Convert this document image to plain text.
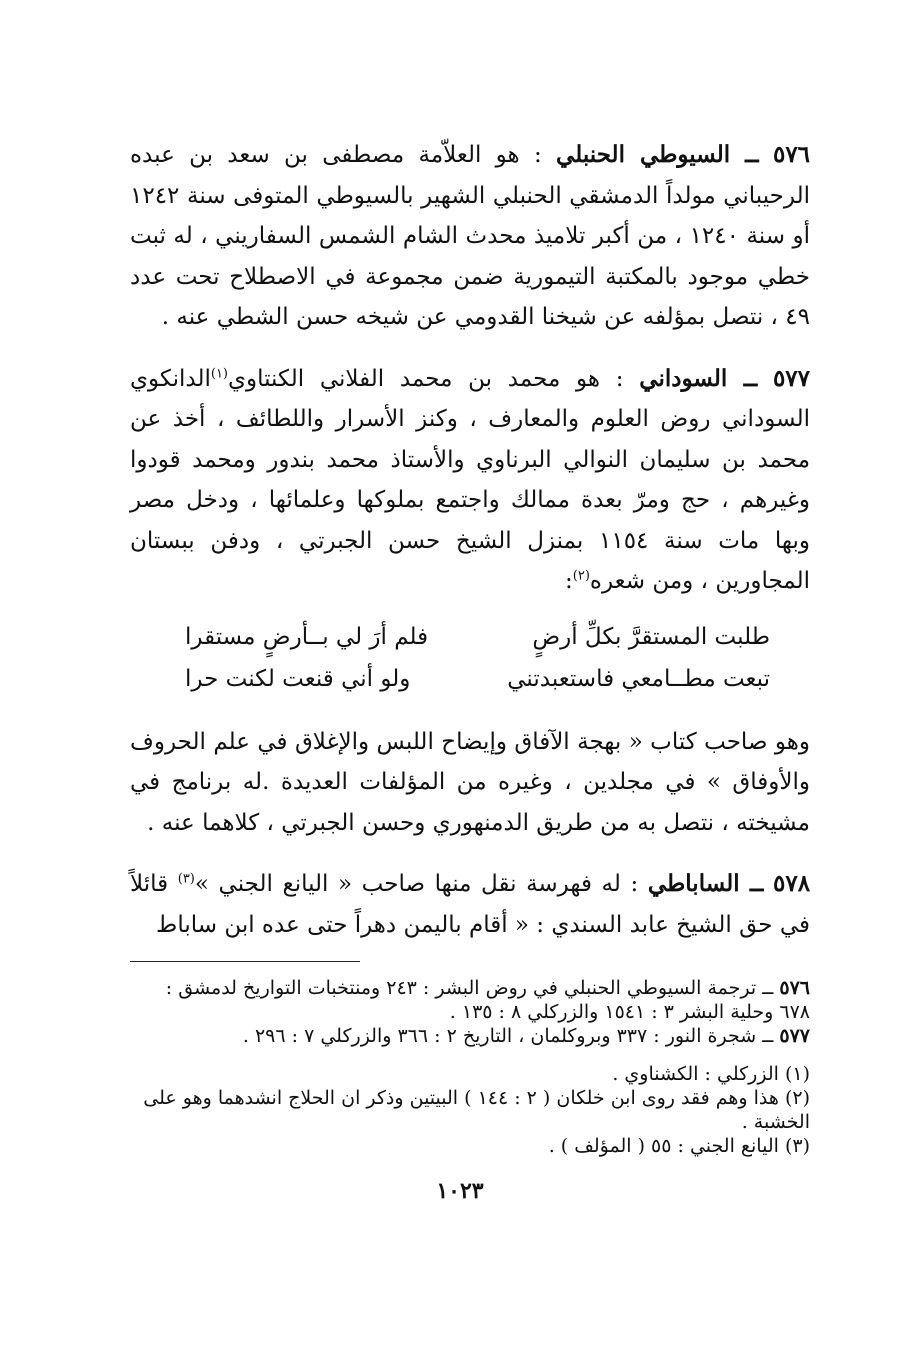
٥٧٦ ــ السيوطي الحنبلي : هو العلاّمة مصطفى بن سعد بن عبده الرحيباني مولداً الدمشقي الحنبلي الشهير بالسيوطي المتوفى سنة ١٢٤٢ أو سنة ١٢٤٠ ، من أكبر تلاميذ محدث الشام الشمس السفاريني ، له ثبت خطي موجود بالمكتبة التيمورية ضمن مجموعة في الاصطلاح تحت عدد ٤٩ ، نتصل بمؤلفه عن شيخنا القدومي عن شيخه حسن الشطي عنه .

٥٧٧ ــ السوداني : هو محمد بن محمد الفلاني الكنتاوي$^{(١)}$الدانكوي السوداني روض العلوم والمعارف ، وكنز الأسرار واللطائف ، أخذ عن محمد بن سليمان النوالي البرناوي والأستاذ محمد بندور ومحمد قودوا وغيرهم ، حج ومرّ بعدة ممالك واجتمع بملوكها وعلمائها ، ودخل مصر وبها مات سنة ١١٥٤ بمنزل الشيخ حسن الجبرتي ، ودفن ببستان المجاورين ، ومن شعره$^{(٢)}$:

طلبت المستقرَّ بكلِّ أرضٍ
فلم أرَ لي بــأرضٍ مستقرا
تبعت مطــامعي فاستعبدتني
ولو أني قنعت لكنت حرا

وهو صاحب كتاب « بهجة الآفاق وإيضاح اللبس والإغلاق في علم الحروف والأوفاق » في مجلدين ، وغيره من المؤلفات العديدة .له برنامج في مشيخته ، نتصل به من طريق الدمنهوري وحسن الجبرتي ، كلاهما عنه .

٥٧٨ ــ الساباطي : له فهرسة نقل منها صاحب « اليانع الجني »$^{(٣)}$ قائلاً في حق الشيخ عابد السندي : « أقام باليمن دهراً حتى عده ابن ساباط

٥٧٦ ــ ترجمة السيوطي الحنبلي في روض البشر : ٢٤٣ ومنتخبات التواريخ لدمشق : ٦٧٨ وحلية البشر ٣ : ١٥٤١ والزركلي ٨ : ١٣٥ .

٥٧٧ ــ شجرة النور : ٣٣٧ وبروكلمان ، التاريخ ٢ : ٣٦٦ والزركلي ٧ : ٢٩٦ .

(١) الزركلي : الكشناوي .

(٢) هذا وهم فقد روى ابن خلكان ( ٢ : ١٤٤ ) البيتين وذكر ان الحلاج انشدهما وهو على الخشبة .

(٣) اليانع الجني : ٥٥ ( المؤلف ) .

١٠٢٣
